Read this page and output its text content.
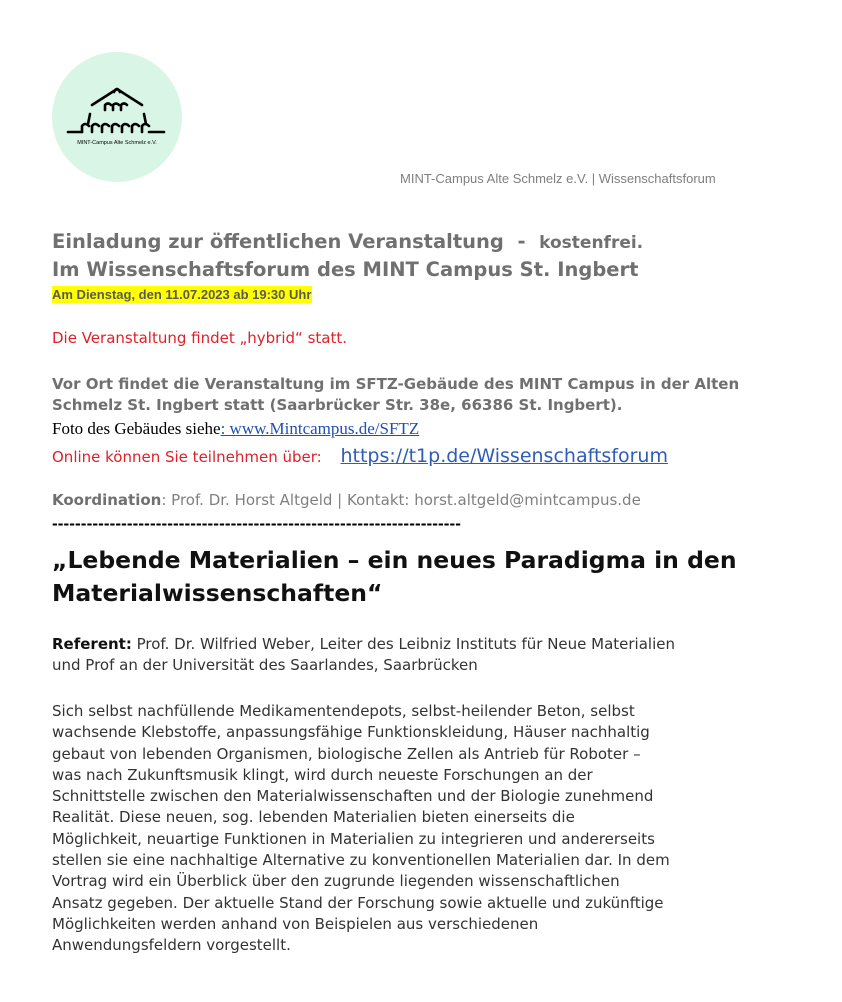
MINT-Campus Alte Schmelz e.V.
MINT-Campus Alte Schmelz e.V. | Wissenschaftsforum
Einladung zur öffentlichen Veranstaltung - kostenfrei.
Im Wissenschaftsforum des MINT Campus St. Ingbert
Am Dienstag, den 11.07.2023 ab 19:30 Uhr
Die Veranstaltung findet „hybrid“ statt.
Vor Ort findet die Veranstaltung im SFTZ-Gebäude des MINT Campus in der Alten
Schmelz St. Ingbert statt (Saarbrücker Str. 38e, 66386 St. Ingbert).
Foto des Gebäudes siehe: www.Mintcampus.de/SFTZ
Online können Sie teilnehmen über: https://t1p.de/Wissenschaftsforum
Koordination: Prof. Dr. Horst Altgeld | Kontakt: horst.altgeld@mintcampus.de
-----------------------------------------------------------------------
„Lebende Materialien – ein neues Paradigma in den
Materialwissenschaften“
Referent: Prof. Dr. Wilfried Weber, Leiter des Leibniz Instituts für Neue Materialien
und Prof an der Universität des Saarlandes, Saarbrücken
Sich selbst nachfüllende Medikamentendepots, selbst-heilender Beton, selbst
wachsende Klebstoffe, anpassungsfähige Funktionskleidung, Häuser nachhaltig
gebaut von lebenden Organismen, biologische Zellen als Antrieb für Roboter –
was nach Zukunftsmusik klingt, wird durch neueste Forschungen an der
Schnittstelle zwischen den Materialwissenschaften und der Biologie zunehmend
Realität. Diese neuen, sog. lebenden Materialien bieten einerseits die
Möglichkeit, neuartige Funktionen in Materialien zu integrieren und andererseits
stellen sie eine nachhaltige Alternative zu konventionellen Materialien dar. In dem
Vortrag wird ein Überblick über den zugrunde liegenden wissenschaftlichen
Ansatz gegeben. Der aktuelle Stand der Forschung sowie aktuelle und zukünftige
Möglichkeiten werden anhand von Beispielen aus verschiedenen
Anwendungsfeldern vorgestellt.
